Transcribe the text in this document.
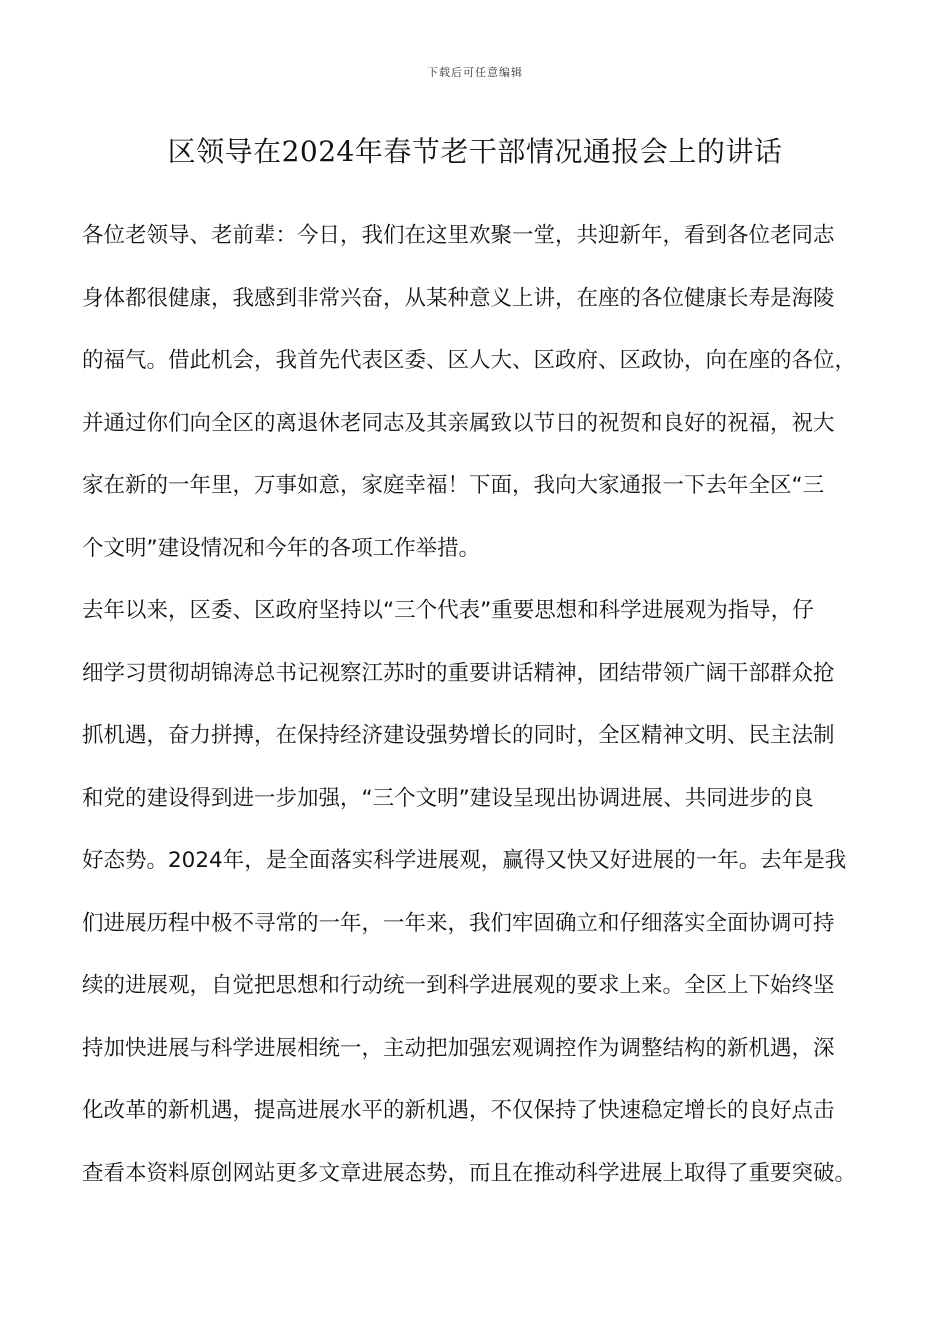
下载后可任意编辑
区领导在2024年春节老干部情况通报会上的讲话
各位老领导、老前辈：今日，我们在这里欢聚一堂，共迎新年，看到各位老同志
身体都很健康，我感到非常兴奋，从某种意义上讲，在座的各位健康长寿是海陵
的福气。借此机会，我首先代表区委、区人大、区政府、区政协，向在座的各位，
并通过你们向全区的离退休老同志及其亲属致以节日的祝贺和良好的祝福，祝大
家在新的一年里，万事如意，家庭幸福！下面，我向大家通报一下去年全区“三
个文明”建设情况和今年的各项工作举措。
去年以来，区委、区政府坚持以“三个代表”重要思想和科学进展观为指导，仔
细学习贯彻胡锦涛总书记视察江苏时的重要讲话精神，团结带领广阔干部群众抢
抓机遇，奋力拼搏，在保持经济建设强势增长的同时，全区精神文明、民主法制
和党的建设得到进一步加强，“三个文明”建设呈现出协调进展、共同进步的良
好态势。2024年，是全面落实科学进展观，赢得又快又好进展的一年。去年是我
们进展历程中极不寻常的一年，一年来，我们牢固确立和仔细落实全面协调可持
续的进展观，自觉把思想和行动统一到科学进展观的要求上来。全区上下始终坚
持加快进展与科学进展相统一，主动把加强宏观调控作为调整结构的新机遇，深
化改革的新机遇，提高进展水平的新机遇，不仅保持了快速稳定增长的良好点击
查看本资料原创网站更多文章进展态势，而且在推动科学进展上取得了重要突破。
